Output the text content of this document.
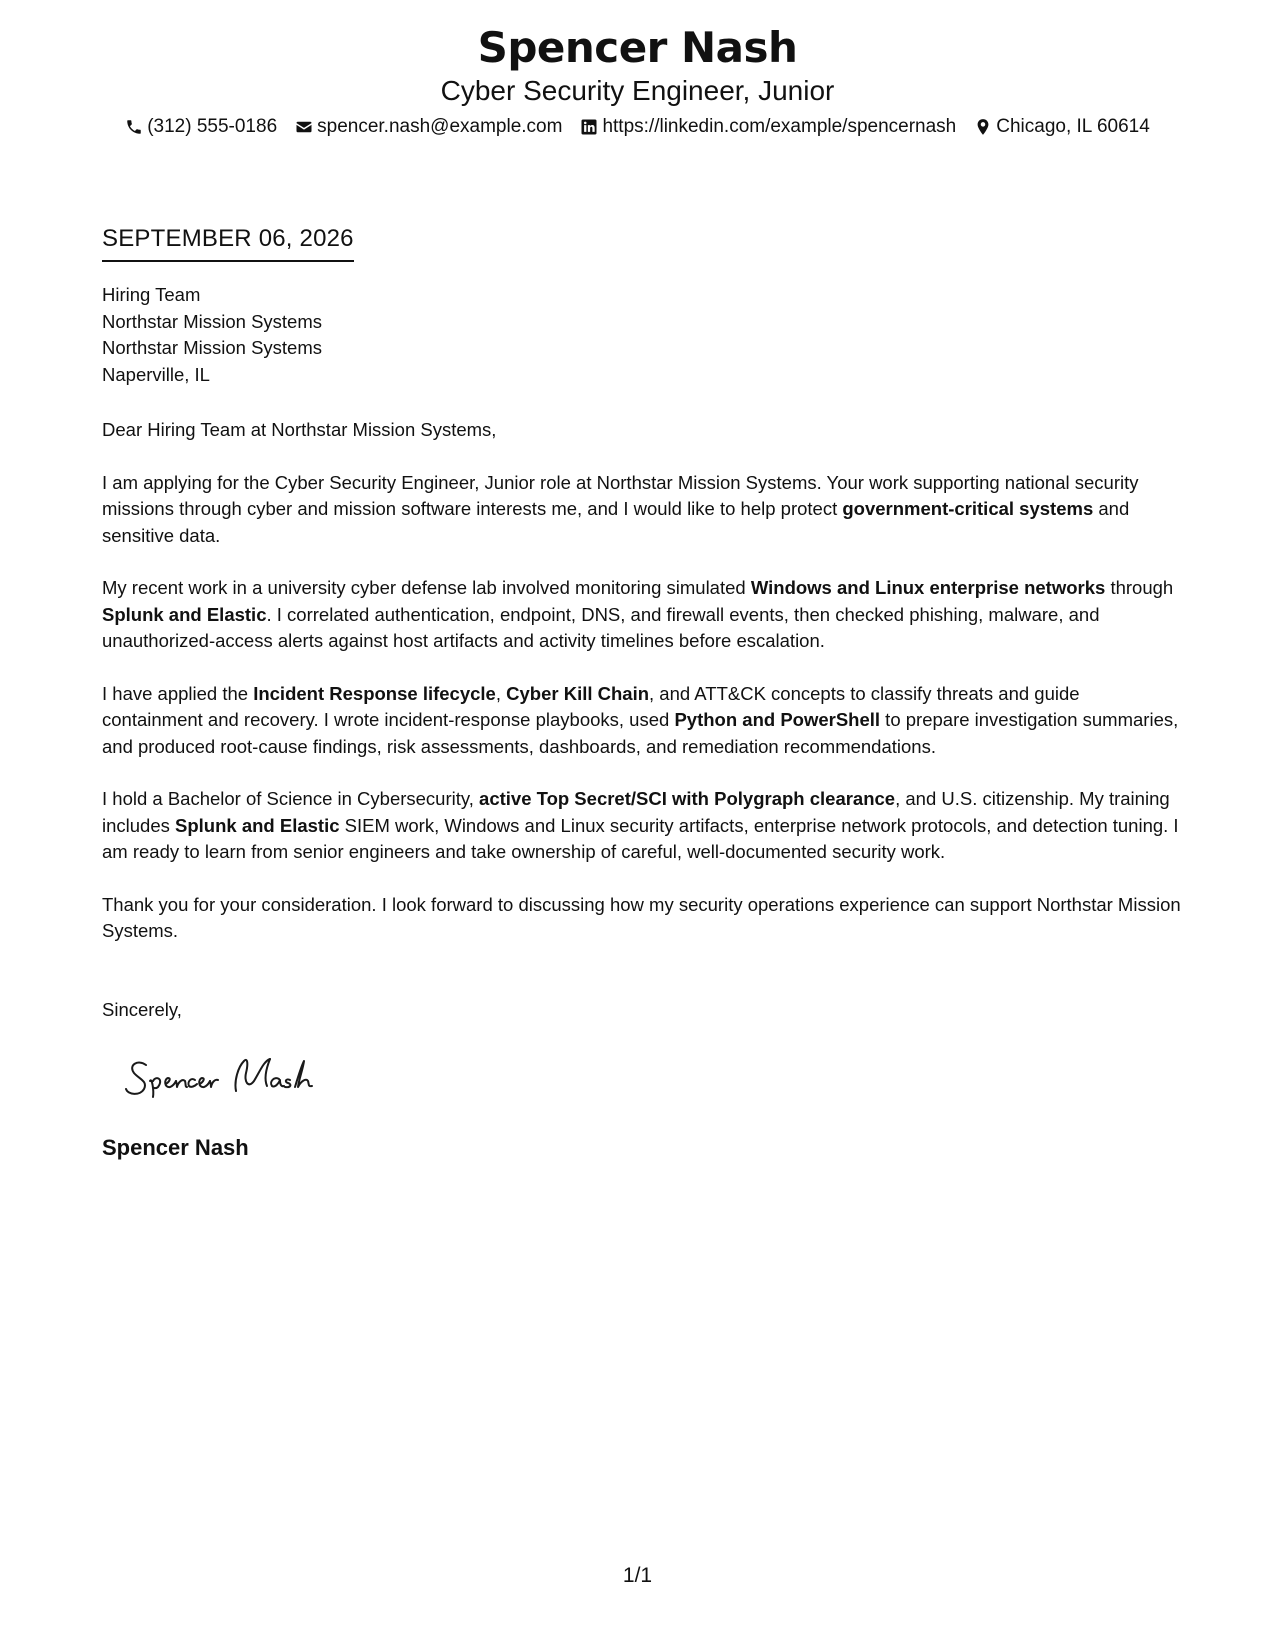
Spencer Nash
Cyber Security Engineer, Junior
(312) 555-0186 spencer.nash@example.com https://linkedin.com/example/spencernash Chicago, IL 60614
SEPTEMBER 06, 2026
Hiring Team
Northstar Mission Systems
Northstar Mission Systems
Naperville, IL

Dear Hiring Team at Northstar Mission Systems,

I am applying for the Cyber Security Engineer, Junior role at Northstar Mission Systems. Your work supporting national security missions through cyber and mission software interests me, and I would like to help protect government-critical systems and sensitive data.

My recent work in a university cyber defense lab involved monitoring simulated Windows and Linux enterprise networks through Splunk and Elastic. I correlated authentication, endpoint, DNS, and firewall events, then checked phishing, malware, and unauthorized-access alerts against host artifacts and activity timelines before escalation.

I have applied the Incident Response lifecycle, Cyber Kill Chain, and ATT&CK concepts to classify threats and guide containment and recovery. I wrote incident-response playbooks, used Python and PowerShell to prepare investigation summaries, and produced root-cause findings, risk assessments, dashboards, and remediation recommendations.

I hold a Bachelor of Science in Cybersecurity, active Top Secret/SCI with Polygraph clearance, and U.S. citizenship. My training includes Splunk and Elastic SIEM work, Windows and Linux security artifacts, enterprise network protocols, and detection tuning. I am ready to learn from senior engineers and take ownership of careful, well-documented security work.

Thank you for your consideration. I look forward to discussing how my security operations experience can support Northstar Mission Systems.

Sincerely,
Spencer Nash
1/1
